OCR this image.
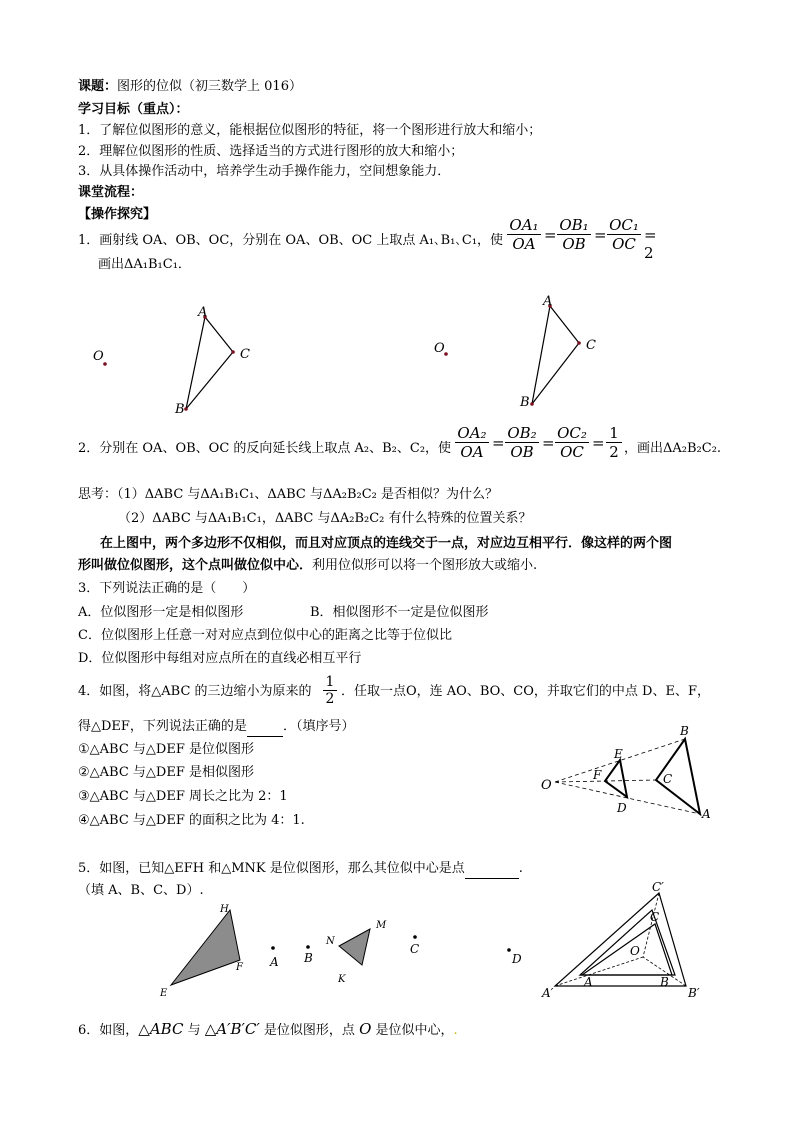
课题：图形的位似（初三数学上 016）
学习目标（重点）：
1．了解位似图形的意义，能根据位似图形的特征，将一个图形进行放大和缩小；
2．理解位似图形的性质、选择适当的方式进行图形的放大和缩小；
3．从具体操作活动中，培养学生动手操作能力，空间想象能力．
课堂流程：
【操作探究】
1．画射线 OA、OB、OC，分别在 OA、OB、OC 上取点 A₁､B₁､C₁，使 $\frac{\text{OA₁}}{OA} = \frac{\text{OB₁}}{OB} = \frac{\text{OC₁}}{OC} = 2$
画出ΔA₁B₁C₁．
2．分别在 OA、OB、OC 的反向延长线上取点 A₂、B₂、C₂，使 $\frac{\text{OA₂}}{OA} = \frac{\text{OB₂}}{OB} = \frac{\text{OC₂}}{OC} = \frac{1}{2}$ ，画出ΔA₂B₂C₂.
思考：（1）ΔABC 与ΔA₁B₁C₁、ΔABC 与ΔA₂B₂C₂ 是否相似？为什么？
（2）ΔABC 与ΔA₁B₁C₁，ΔABC 与ΔA₂B₂C₂ 有什么特殊的位置关系？
在上图中，两个多边形不仅相似，而且对应顶点的连线交于一点，对应边互相平行．像这样的两个图
形叫做位似图形，这个点叫做位似中心．利用位似形可以将一个图形放大或缩小.
3．下列说法正确的是（　　）
A．位似图形一定是相似图形	B．相似图形不一定是位似图形
C．位似图形上任意一对对应点到位似中心的距离之比等于位似比
D．位似图形中每组对应点所在的直线必相互平行
4．如图，将△ABC 的三边缩小为原来的 $\frac{1}{2}$ ．任取一点O，连 AO、BO、CO，并取它们的中点 D、E、F，
得△DEF，下列说法正确的是	．（填序号）
①△ABC 与△DEF 是位似图形
②△ABC 与△DEF 是相似图形
③△ABC 与△DEF 周长之比为 2：1
④△ABC 与△DEF 的面积之比为 4：1.
5．如图，已知△EFH 和△MNK 是位似图形，那么其位似中心是点	.
（填 A、B、C、D）.
6．如图，△ABC 与 △A′B′C′ 是位似图形，点 O 是位似中心，.
A
C
B
O
A
C
B
O
O
E
F
D
B
C
A
H
F
E
N
M
K
A B
C
D
C′
C
O
A	B
A′	B′
